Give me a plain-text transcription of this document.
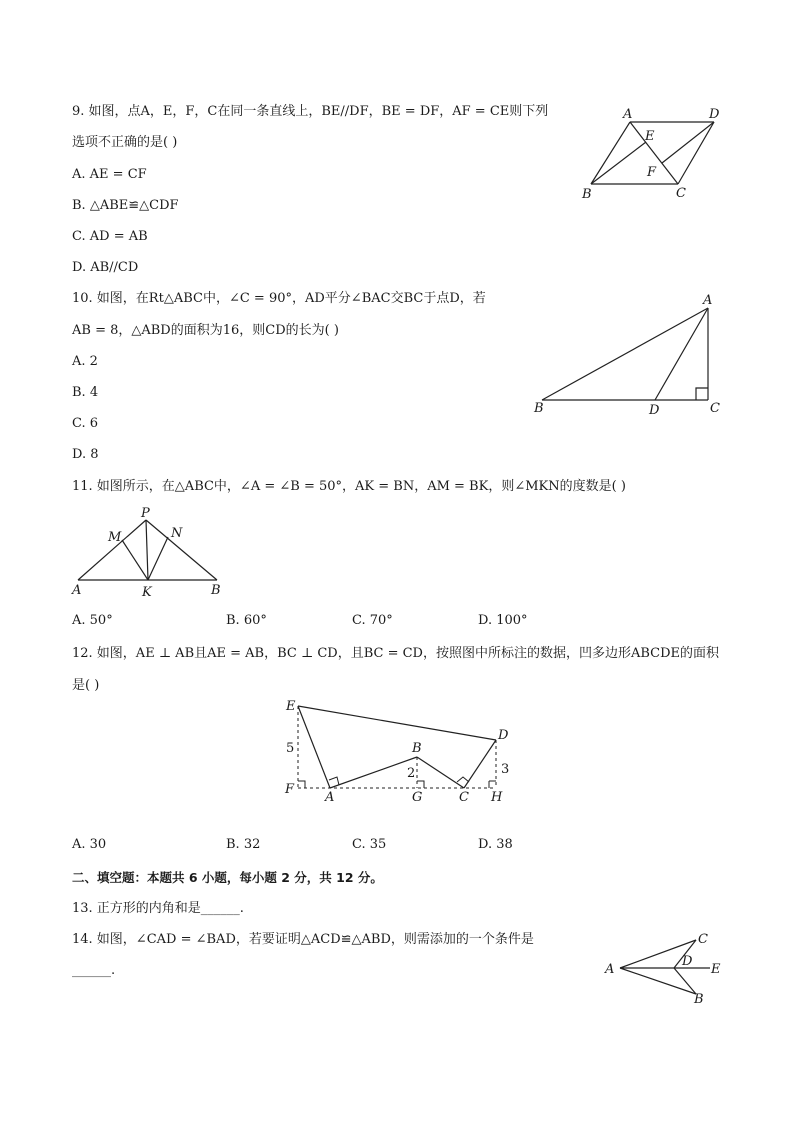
9. 如图，点A，E，F，C在同一条直线上，BE//DF，BE = DF，AF = CE则下列
选项不正确的是( )
A. AE = CF
B. △ABE≌△CDF
C. AD = AB
D. AB//CD
A	D
E
F
B	C
10. 如图，在Rt△ABC中，∠C = 90°，AD平分∠BAC交BC于点D，若
AB = 8，△ABD的面积为16，则CD的长为( )
A. 2
B. 4
C. 6
D. 8
A
B	D	C
11. 如图所示，在△ABC中，∠A = ∠B = 50°，AK = BN，AM = BK，则∠MKN的度数是( )
P
M	N
A	K	B
A. 50°	B. 60°	C. 70°	D. 100°
12. 如图，AE ⊥ AB且AE = AB，BC ⊥ CD，且BC = CD，按照图中所标注的数据，凹多边形ABCDE的面积
是( )
E
D
B
F
A	G	C H
5
2	3
A. 30	B. 32	C. 35	D. 38
二、填空题：本题共 6 小题，每小题 2 分，共 12 分。
13. 正方形的内角和是______.
14. 如图，∠CAD = ∠BAD，若要证明△ACD≌△ABD，则需添加的一个条件是
______.	A
C
D
E
B
